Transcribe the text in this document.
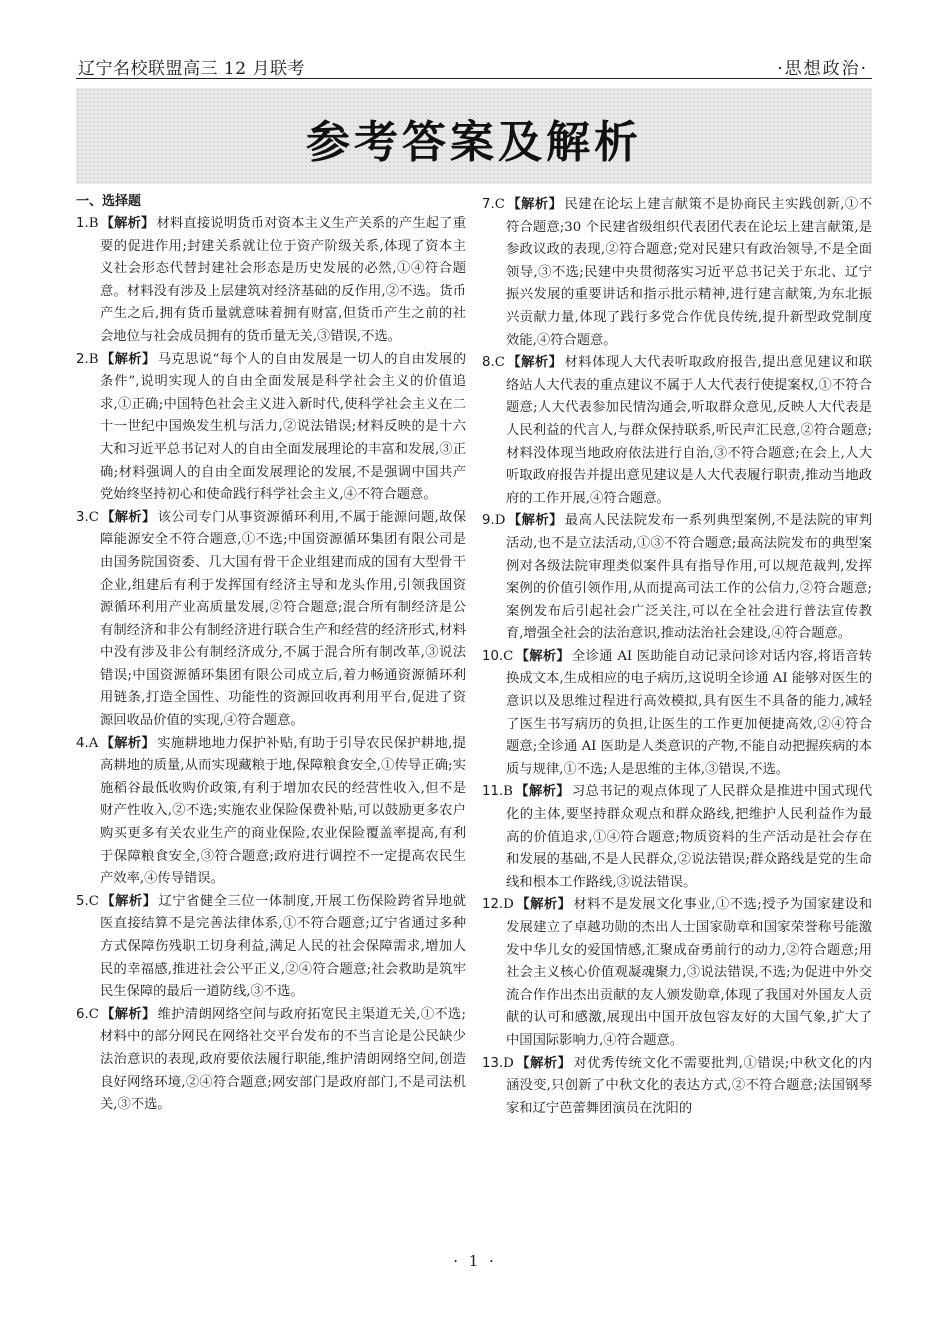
辽宁名校联盟高三 12 月联考	·思想政治·
参考答案及解析
一、选择题

1.B 【解析】 材料直接说明货币对资本主义生产关系的产生起了重要的促进作用;封建关系就让位于资产阶级关系,体现了资本主义社会形态代替封建社会形态是历史发展的必然,①④符合题意。材料没有涉及上层建筑对经济基础的反作用,②不选。货币产生之后,拥有货币量就意味着拥有财富,但货币产生之前的社会地位与社会成员拥有的货币量无关,③错误,不选。

2.B 【解析】 马克思说“每个人的自由发展是一切人的自由发展的条件”,说明实现人的自由全面发展是科学社会主义的价值追求,①正确;中国特色社会主义进入新时代,使科学社会主义在二十一世纪中国焕发生机与活力,②说法错误;材料反映的是十六大和习近平总书记对人的自由全面发展理论的丰富和发展,③正确;材料强调人的自由全面发展理论的发展,不是强调中国共产党始终坚持初心和使命践行科学社会主义,④不符合题意。

3.C 【解析】 该公司专门从事资源循环利用,不属于能源问题,故保障能源安全不符合题意,①不选;中国资源循环集团有限公司是由国务院国资委、几大国有骨干企业组建而成的国有大型骨干企业,组建后有利于发挥国有经济主导和龙头作用,引领我国资源循环利用产业高质量发展,②符合题意;混合所有制经济是公有制经济和非公有制经济进行联合生产和经营的经济形式,材料中没有涉及非公有制经济成分,不属于混合所有制改革,③说法错误;中国资源循环集团有限公司成立后,着力畅通资源循环利用链条,打造全国性、功能性的资源回收再利用平台,促进了资源回收品价值的实现,④符合题意。

4.A 【解析】 实施耕地地力保护补贴,有助于引导农民保护耕地,提高耕地的质量,从而实现藏粮于地,保障粮食安全,①传导正确;实施稻谷最低收购价政策,有利于增加农民的经营性收入,但不是财产性收入,②不选;实施农业保险保费补贴,可以鼓励更多农户购买更多有关农业生产的商业保险,农业保险覆盖率提高,有利于保障粮食安全,③符合题意;政府进行调控不一定提高农民生产效率,④传导错误。

5.C 【解析】 辽宁省健全三位一体制度,开展工伤保险跨省异地就医直接结算不是完善法律体系,①不符合题意;辽宁省通过多种方式保障伤残职工切身利益,满足人民的社会保障需求,增加人民的幸福感,推进社会公平正义,②④符合题意;社会救助是筑牢民生保障的最后一道防线,③不选。

6.C 【解析】 维护清朗网络空间与政府拓宽民主渠道无关,①不选;材料中的部分网民在网络社交平台发布的不当言论是公民缺少法治意识的表现,政府要依法履行职能,维护清朗网络空间,创造良好网络环境,②④符合题意;网安部门是政府部门,不是司法机关,③不选。

7.C 【解析】 民建在论坛上建言献策不是协商民主实践创新,①不符合题意;30 个民建省级组织代表团代表在论坛上建言献策,是参政议政的表现,②符合题意;党对民建只有政治领导,不是全面领导,③不选;民建中央贯彻落实习近平总书记关于东北、辽宁振兴发展的重要讲话和指示批示精神,进行建言献策,为东北振兴贡献力量,体现了践行多党合作优良传统,提升新型政党制度效能,④符合题意。

8.C 【解析】 材料体现人大代表听取政府报告,提出意见建议和联络站人大代表的重点建议不属于人大代表行使提案权,①不符合题意;人大代表参加民情沟通会,听取群众意见,反映人大代表是人民利益的代言人,与群众保持联系,听民声汇民意,②符合题意;材料没体现当地政府依法进行自治,③不符合题意;在会上,人大听取政府报告并提出意见建议是人大代表履行职责,推动当地政府的工作开展,④符合题意。

9.D 【解析】 最高人民法院发布一系列典型案例,不是法院的审判活动,也不是立法活动,①③不符合题意;最高法院发布的典型案例对各级法院审理类似案件具有指导作用,可以规范裁判,发挥案例的价值引领作用,从而提高司法工作的公信力,②符合题意;案例发布后引起社会广泛关注,可以在全社会进行普法宣传教育,增强全社会的法治意识,推动法治社会建设,④符合题意。

10.C 【解析】 全诊通 AI 医助能自动记录问诊对话内容,将语音转换成文本,生成相应的电子病历,这说明全诊通 AI 能够对医生的意识以及思维过程进行高效模拟,具有医生不具备的能力,减轻了医生书写病历的负担,让医生的工作更加便捷高效,②④符合题意;全诊通 AI 医助是人类意识的产物,不能自动把握疾病的本质与规律,①不选;人是思维的主体,③错误,不选。

11.B 【解析】 习总书记的观点体现了人民群众是推进中国式现代化的主体,要坚持群众观点和群众路线,把维护人民利益作为最高的价值追求,①④符合题意;物质资料的生产活动是社会存在和发展的基础,不是人民群众,②说法错误;群众路线是党的生命线和根本工作路线,③说法错误。

12.D 【解析】 材料不是发展文化事业,①不选;授予为国家建设和发展建立了卓越功勋的杰出人士国家勋章和国家荣誉称号能激发中华儿女的爱国情感,汇聚成奋勇前行的动力,②符合题意;用社会主义核心价值观凝魂聚力,③说法错误,不选;为促进中外交流合作作出杰出贡献的友人颁发勋章,体现了我国对外国友人贡献的认可和感激,展现出中国开放包容友好的大国气象,扩大了中国国际影响力,④符合题意。

13.D 【解析】 对优秀传统文化不需要批判,①错误;中秋文化的内涵没变,只创新了中秋文化的表达方式,②不符合题意;法国钢琴家和辽宁芭蕾舞团演员在沈阳的

· 1 ·
